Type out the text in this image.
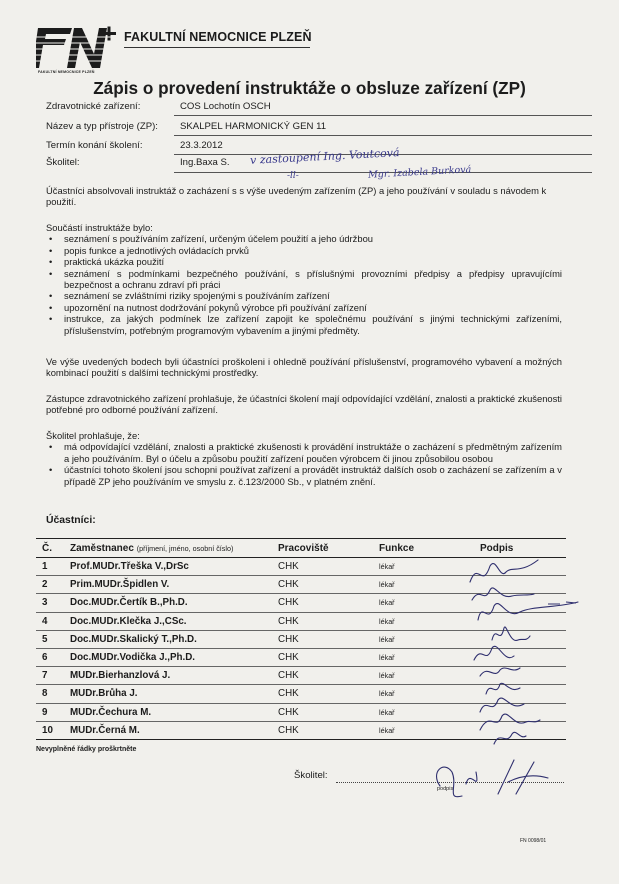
FAKULTNÍ NEMOCNICE PLZEŇ
FAKULTNÍ NEMOCNICE PLZEŇ
Zápis o provedení instruktáže o obsluze zařízení (ZP)
Zdravotnické zařízení:	COS Lochotín OSCH
Název a typ přístroje (ZP): SKALPEL HARMONICKÝ GEN 11
Termín konání školení:	23.3.2012
Školitel:	Ing.Baxa S. v zastoupení Ing. Voutcová
Mgr. Izabela Burková
-ll-
Účastníci absolvovali instruktáž o zacházení s s výše uvedeným zařízením (ZP) a jeho používání v souladu s návodem k použití.

Součástí instruktáže bylo:

• seznámení s používáním zařízení, určeným účelem použití a jeho údržbou
• popis funkce a jednotlivých ovládacích prvků
• praktická ukázka použití
• seznámení s podmínkami bezpečného používání, s příslušnými provozními předpisy a předpisy upravujícími bezpečnost a ochranu zdraví při práci
• seznámení se zvláštními riziky spojenými s používáním zařízení
• upozornění na nutnost dodržování pokynů výrobce při používání zařízení
• instrukce, za jakých podmínek lze zařízení zapojit ke společnému používání s jinými technickými zařízeními, příslušenstvím, potřebným programovým vybavením a jinými předměty.
Ve výše uvedených bodech byli účastníci proškoleni i ohledně používání příslušenství, programového vybavení a možných kombinací použití s dalšími technickými prostředky.
Zástupce zdravotnického zařízení prohlašuje, že účastníci školení mají odpovídající vzdělání, znalosti a praktické zkušenosti potřebné pro odborné používání zařízení.

Školitel prohlašuje, že:

• má odpovídající vzdělání, znalosti a praktické zkušenosti k provádění instruktáže o zacházení s předmětným zařízením a jeho používáním. Byl o účelu a způsobu použití zařízení poučen výrobcem či jinou způsobilou osobou
• účastníci tohoto školení jsou schopni používat zařízení a provádět instruktáž dalších osob o zacházení se zařízením a v případě ZP jeho používáním ve smyslu z. č.123/2000 Sb., v platném znění.
Účastníci:
Č.	Zaměstnanec (příjmení, jméno, osobní číslo)	Pracoviště	Funkce	Podpis
1	Prof.MUDr.Třeška V.,DrSc	CHK	lékař	
2	Prim.MUDr.Špidlen V.	CHK	lékař	
3	Doc.MUDr.Čertík B.,Ph.D.	CHK	lékař	
4	Doc.MUDr.Klečka J.,CSc.	CHK	lékař	
5	Doc.MUDr.Skalický T.,Ph.D.	CHK	lékař	
6	Doc.MUDr.Vodička J.,Ph.D.	CHK	lékař	
7	MUDr.Bierhanzlová J.	CHK	lékař	
8	MUDr.Brůha J.	CHK	lékař	
9	MUDr.Čechura M.	CHK	lékař	
10	MUDr.Černá M.	CHK	lékař	
Nevyplněné řádky proškrtněte
Školitel:
podpis
FN 0098/01
